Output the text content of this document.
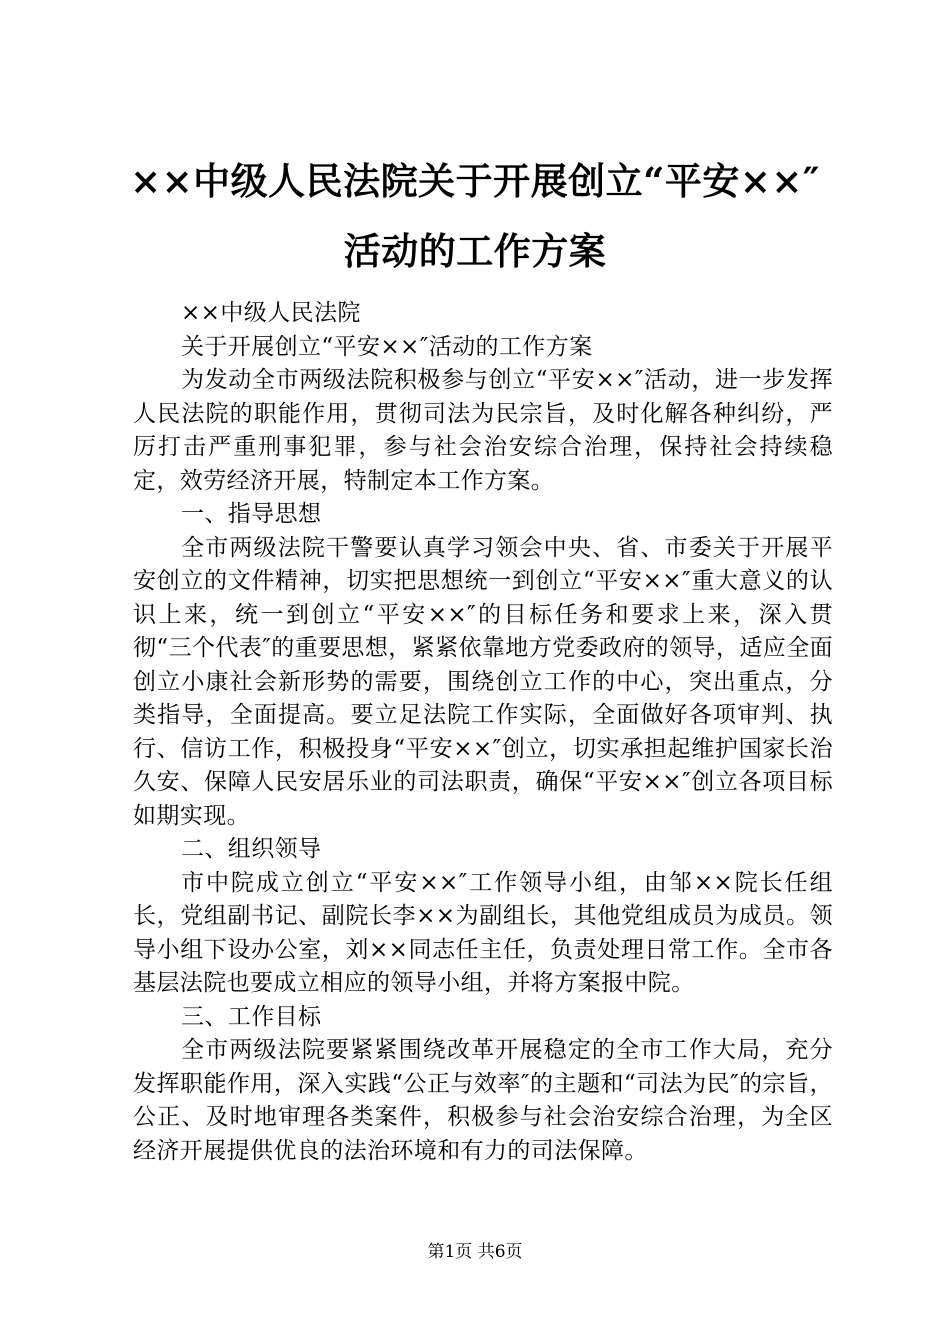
××中级人民法院关于开展创立“平安××″
活动的工作方案

××中级人民法院

关于开展创立“平安××″活动的工作方案

为发动全市两级法院积极参与创立“平安××″活动，进一步发挥人民法院的职能作用，贯彻司法为民宗旨，及时化解各种纠纷，严厉打击严重刑事犯罪，参与社会治安综合治理，保持社会持续稳定，效劳经济开展，特制定本工作方案。

一、指导思想

全市两级法院干警要认真学习领会中央、省、市委关于开展平安创立的文件精神，切实把思想统一到创立“平安××″重大意义的认识上来，统一到创立“平安××″的目标任务和要求上来，深入贯彻“三个代表″的重要思想，紧紧依靠地方党委政府的领导，适应全面创立小康社会新形势的需要，围绕创立工作的中心，突出重点，分类指导，全面提高。要立足法院工作实际，全面做好各项审判、执行、信访工作，积极投身“平安××″创立，切实承担起维护国家长治久安、保障人民安居乐业的司法职责，确保“平安××″创立各项目标如期实现。

二、组织领导

市中院成立创立“平安××″工作领导小组，由邹××院长任组长，党组副书记、副院长李××为副组长，其他党组成员为成员。领导小组下设办公室，刘××同志任主任，负责处理日常工作。全市各基层法院也要成立相应的领导小组，并将方案报中院。

三、工作目标

全市两级法院要紧紧围绕改革开展稳定的全市工作大局，充分发挥职能作用，深入实践“公正与效率″的主题和“司法为民″的宗旨，公正、及时地审理各类案件，积极参与社会治安综合治理，为全区经济开展提供优良的法治环境和有力的司法保障。

第1页 共6页
